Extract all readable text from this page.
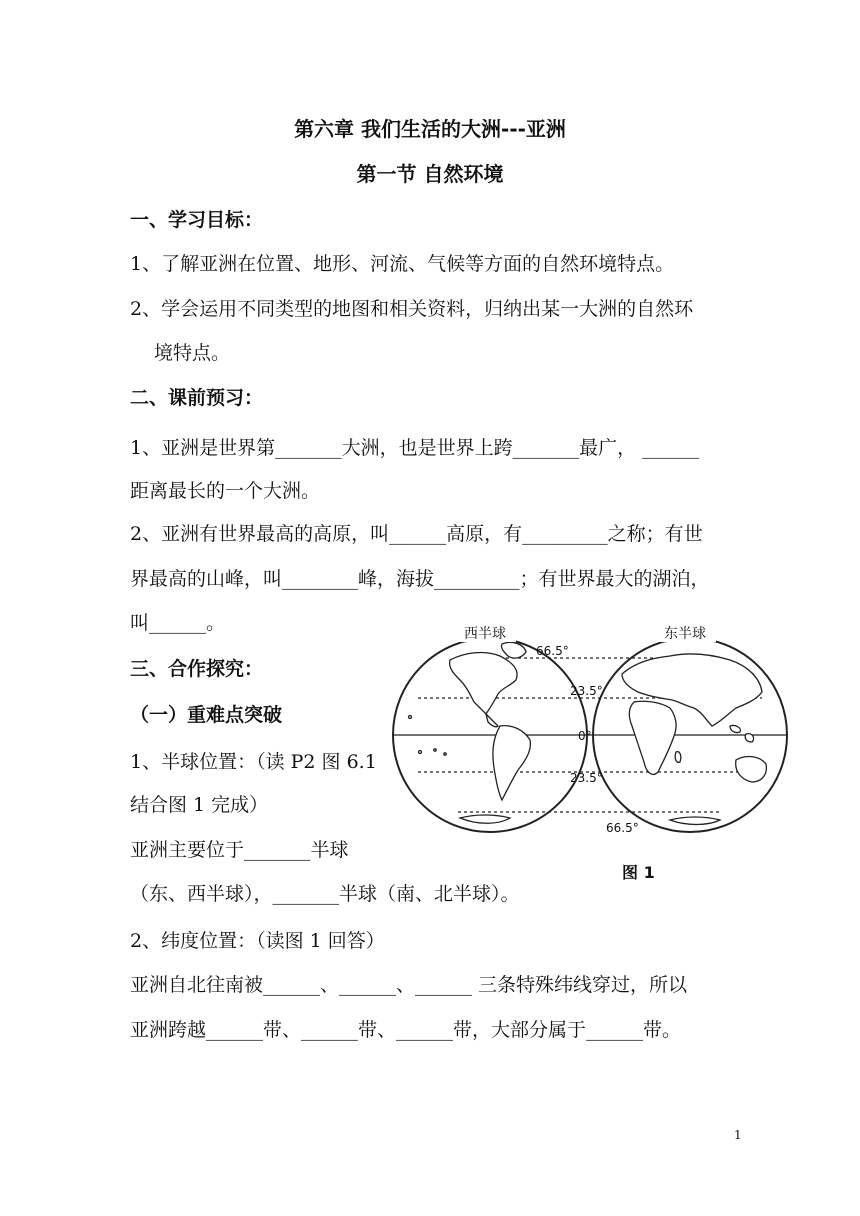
第六章 我们生活的大洲---亚洲
第一节 自然环境
一、学习目标：
1、了解亚洲在位置、地形、河流、气候等方面的自然环境特点。
2、学会运用不同类型的地图和相关资料，归纳出某一大洲的自然环
境特点。
二、课前预习：
1、亚洲是世界第_______大洲，也是世界上跨_______最广， ______
距离最长的一个大洲。
2、亚洲有世界最高的高原，叫______高原，有_________之称；有世
界最高的山峰，叫________峰，海拔_________；有世界最大的湖泊，
叫______。
三、合作探究：
（一）重难点突破
1、半球位置：（读 P2 图 6.1
结合图 1 完成）
亚洲主要位于_______半球
（东、西半球），_______半球（南、北半球）。
2、纬度位置：（读图 1 回答）
亚洲自北往南被______、______、______ 三条特殊纬线穿过，所以
亚洲跨越______带、______带、______带，大部分属于______带。
西半球	东半球
66.5°
23.5°
0°
23.5°
66.5°
图 1
1
